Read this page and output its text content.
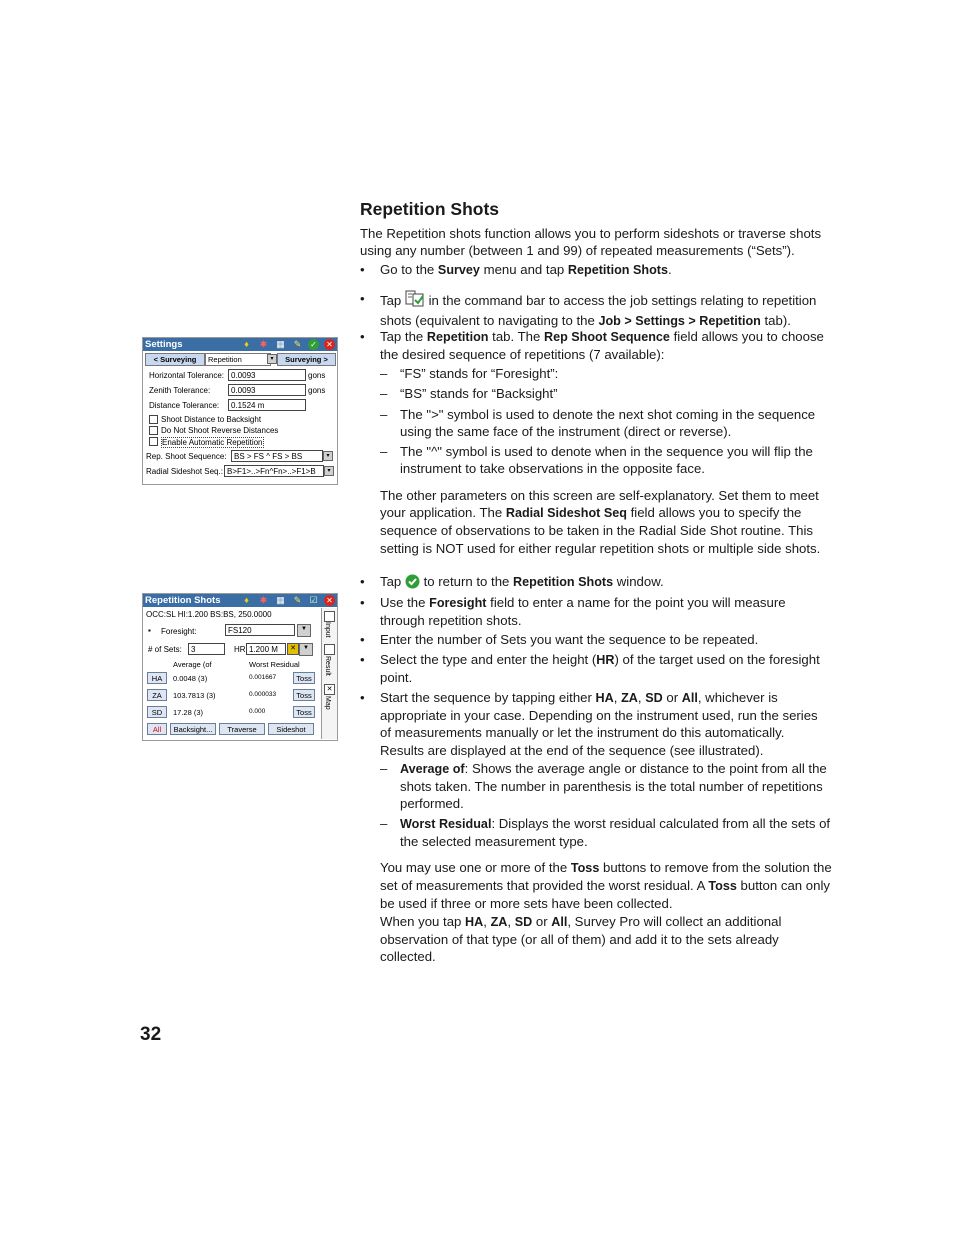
Repetition Shots
The Repetition shots function allows you to perform sideshots or traverse shots using any number (between 1 and 99) of repeated measurements (“Sets”).
• Go to the Survey menu and tap Repetition Shots.
• Tap  in the command bar to access the job settings relating to repetition shots (equivalent to navigating to the Job > Settings > Repetition tab).
• Tap the Repetition tab. The Rep Shoot Sequence field allows you to choose the desired sequence of repetitions (7 available):
– “FS” stands for “Foresight”:
– “BS” stands for “Backsight”
– The ">" symbol is used to denote the next shot coming in the sequence using the same face of the instrument (direct or reverse).
– The "^" symbol is used to denote when in the sequence you will flip the instrument to take observations in the opposite face.
The other parameters on this screen are self-explanatory. Set them to meet your application. The Radial Sideshot Seq field allows you to specify the sequence of observations to be taken in the Radial Side Shot routine. This setting is NOT used for either regular repetition shots or multiple side shots.
• Tap  to return to the Repetition Shots window.
• Use the Foresight field to enter a name for the point you will measure through repetition shots.
• Enter the number of Sets you want the sequence to be repeated.
• Select the type and enter the height (HR) of the target used on the foresight point.
• Start the sequence by tapping either HA, ZA, SD or All, whichever is appropriate in your case. Depending on the instrument used, run the series of measurements manually or let the instrument do this automatically. Results are displayed at the end of the sequence (see illustrated).
– Average of: Shows the average angle or distance to the point from all the shots taken. The number in parenthesis is the total number of repetitions performed.
– Worst Residual: Displays the worst residual calculated from all the sets of the selected measurement type.
You may use one or more of the Toss buttons to remove from the solution the set of measurements that provided the worst residual. A Toss button can only be used if three or more sets have been collected.
When you tap HA, ZA, SD or All, Survey Pro will collect an additional observation of that type (or all of them) and add it to the sets already collected.
32
Settings	♦	✱ ▦ ✎ ✓ ✕
< Surveying	Repetition	▾	Surveying >
Horizontal Tolerance: 0.0093	gons
Zenith Tolerance:	0.0093	gons
Distance Tolerance:	0.1524 m
Shoot Distance to Backsight
Do Not Shoot Reverse Distances
Enable Automatic Repetition
Rep. Shoot Sequence: BS > FS ^ FS > BS	▾
Radial Sideshot Seq.: B>F1>..>Fn^Fn>..>F1>B	▾
Repetition Shots	♦	✱ ▦ ✎ ☑ ✕
OCC:SL HI:1.200 BS:BS, 250.0000
▪ Foresight:	FS120	▼
# of Sets:	3	HR 1.200 M	✕	▼
Average (of	Worst Residual
HA	0.0048 (3)	0.001667	Toss
ZA	103.7813 (3)	0.000033	Toss
SD	17.28 (3)	0.000	Toss
All	Backsight...	Traverse	Sideshot
Input
Result
✕
Map
